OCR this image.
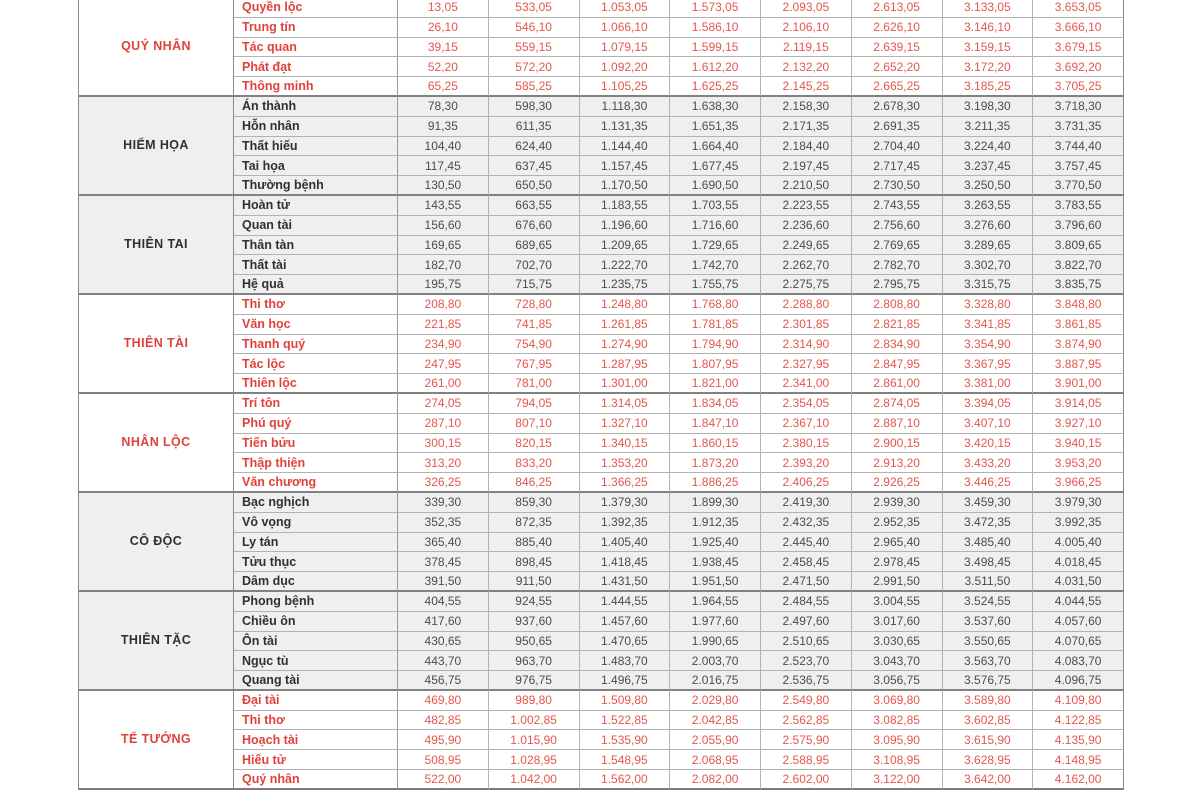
QUÝ NHÂN
Quyền lộc	13,05	533,05	1.053,05	1.573,05	2.093,05	2.613,05	3.133,05	3.653,05
Trung tín	26,10	546,10	1.066,10	1.586,10	2.106,10	2.626,10	3.146,10	3.666,10
Tác quan	39,15	559,15	1.079,15	1.599,15	2.119,15	2.639,15	3.159,15	3.679,15
Phát đạt	52,20	572,20	1.092,20	1.612,20	2.132,20	2.652,20	3.172,20	3.692,20
Thông minh	65,25	585,25	1.105,25	1.625,25	2.145,25	2.665,25	3.185,25	3.705,25
HIỂM HỌA
Án thành	78,30	598,30	1.118,30	1.638,30	2.158,30	2.678,30	3.198,30	3.718,30
Hỗn nhân	91,35	611,35	1.131,35	1.651,35	2.171,35	2.691,35	3.211,35	3.731,35
Thất hiếu	104,40	624,40	1.144,40	1.664,40	2.184,40	2.704,40	3.224,40	3.744,40
Tai họa	117,45	637,45	1.157,45	1.677,45	2.197,45	2.717,45	3.237,45	3.757,45
Thường bệnh	130,50	650,50	1.170,50	1.690,50	2.210,50	2.730,50	3.250,50	3.770,50
THIÊN TAI
Hoàn tử	143,55	663,55	1.183,55	1.703,55	2.223,55	2.743,55	3.263,55	3.783,55
Quan tài	156,60	676,60	1.196,60	1.716,60	2.236,60	2.756,60	3.276,60	3.796,60
Thân tàn	169,65	689,65	1.209,65	1.729,65	2.249,65	2.769,65	3.289,65	3.809,65
Thất tài	182,70	702,70	1.222,70	1.742,70	2.262,70	2.782,70	3.302,70	3.822,70
Hệ quả	195,75	715,75	1.235,75	1.755,75	2.275,75	2.795,75	3.315,75	3.835,75
THIÊN TÀI
Thi thơ	208,80	728,80	1.248,80	1.768,80	2.288,80	2.808,80	3.328,80	3.848,80
Văn học	221,85	741,85	1.261,85	1.781,85	2.301,85	2.821,85	3.341,85	3.861,85
Thanh quý	234,90	754,90	1.274,90	1.794,90	2.314,90	2.834,90	3.354,90	3.874,90
Tác lộc	247,95	767,95	1.287,95	1.807,95	2.327,95	2.847,95	3.367,95	3.887,95
Thiên lộc	261,00	781,00	1.301,00	1.821,00	2.341,00	2.861,00	3.381,00	3.901,00
NHÂN LỘC
Trí tôn	274,05	794,05	1.314,05	1.834,05	2.354,05	2.874,05	3.394,05	3.914,05
Phú quý	287,10	807,10	1.327,10	1.847,10	2.367,10	2.887,10	3.407,10	3.927,10
Tiến bửu	300,15	820,15	1.340,15	1.860,15	2.380,15	2.900,15	3.420,15	3.940,15
Thập thiện	313,20	833,20	1.353,20	1.873,20	2.393,20	2.913,20	3.433,20	3.953,20
Văn chương	326,25	846,25	1.366,25	1.886,25	2.406,25	2.926,25	3.446,25	3.966,25
CÔ ĐỘC
Bạc nghịch	339,30	859,30	1.379,30	1.899,30	2.419,30	2.939,30	3.459,30	3.979,30
Vô vọng	352,35	872,35	1.392,35	1.912,35	2.432,35	2.952,35	3.472,35	3.992,35
Ly tán	365,40	885,40	1.405,40	1.925,40	2.445,40	2.965,40	3.485,40	4.005,40
Tửu thục	378,45	898,45	1.418,45	1.938,45	2.458,45	2.978,45	3.498,45	4.018,45
Dâm dục	391,50	911,50	1.431,50	1.951,50	2.471,50	2.991,50	3.511,50	4.031,50
THIÊN TẶC
Phong bệnh	404,55	924,55	1.444,55	1.964,55	2.484,55	3.004,55	3.524,55	4.044,55
Chiều ôn	417,60	937,60	1.457,60	1.977,60	2.497,60	3.017,60	3.537,60	4.057,60
Ôn tài	430,65	950,65	1.470,65	1.990,65	2.510,65	3.030,65	3.550,65	4.070,65
Ngục tù	443,70	963,70	1.483,70	2.003,70	2.523,70	3.043,70	3.563,70	4.083,70
Quang tài	456,75	976,75	1.496,75	2.016,75	2.536,75	3.056,75	3.576,75	4.096,75
TỂ TƯỚNG
Đại tài	469,80	989,80	1.509,80	2.029,80	2.549,80	3.069,80	3.589,80	4.109,80
Thi thơ	482,85	1.002,85	1.522,85	2.042,85	2.562,85	3.082,85	3.602,85	4.122,85
Hoạch tài	495,90	1.015,90	1.535,90	2.055,90	2.575,90	3.095,90	3.615,90	4.135,90
Hiếu tử	508,95	1.028,95	1.548,95	2.068,95	2.588,95	3.108,95	3.628,95	4.148,95
Quý nhân	522,00	1.042,00	1.562,00	2.082,00	2.602,00	3.122,00	3.642,00	4.162,00
